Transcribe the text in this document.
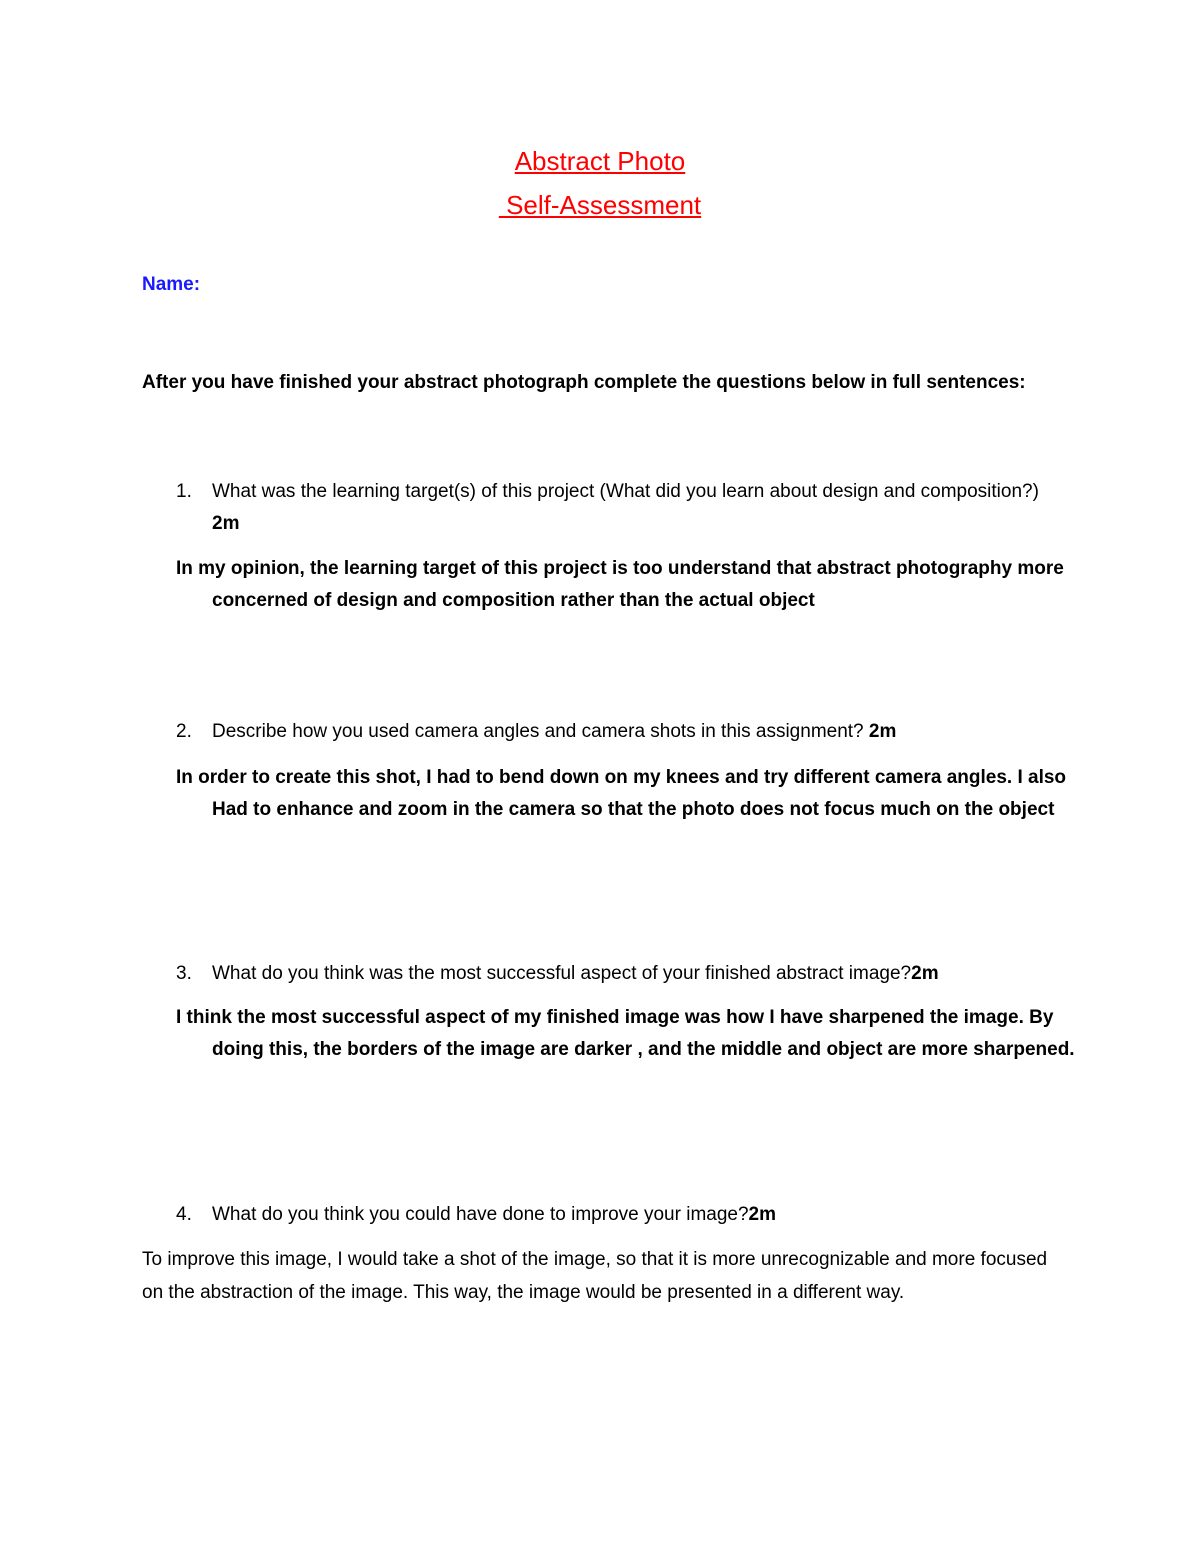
Abstract Photo
Self-Assessment
Name:
After you have finished your abstract photograph complete the questions below in full sentences:
1. What was the learning target(s) of this project (What did you learn about design and composition?) 2m
In my opinion, the learning target of this project is too understand that abstract photography more concerned of design and composition rather than the actual object
2. Describe how you used camera angles and camera shots in this assignment? 2m
In order to create this shot, I had to bend down on my knees and try different camera angles. I also Had to enhance and zoom in the camera so that the photo does not focus much on the object
3. What do you think was the most successful aspect of your finished abstract image?2m
I think the most successful aspect of my finished image was how I have sharpened the image. By doing this, the borders of the image are darker , and the middle and object are more sharpened.
4. What do you think you could have done to improve your image?2m
To improve this image, I would take a shot of the image, so that it is more unrecognizable and more focused on the abstraction of the image. This way, the image would be presented in a different way.
